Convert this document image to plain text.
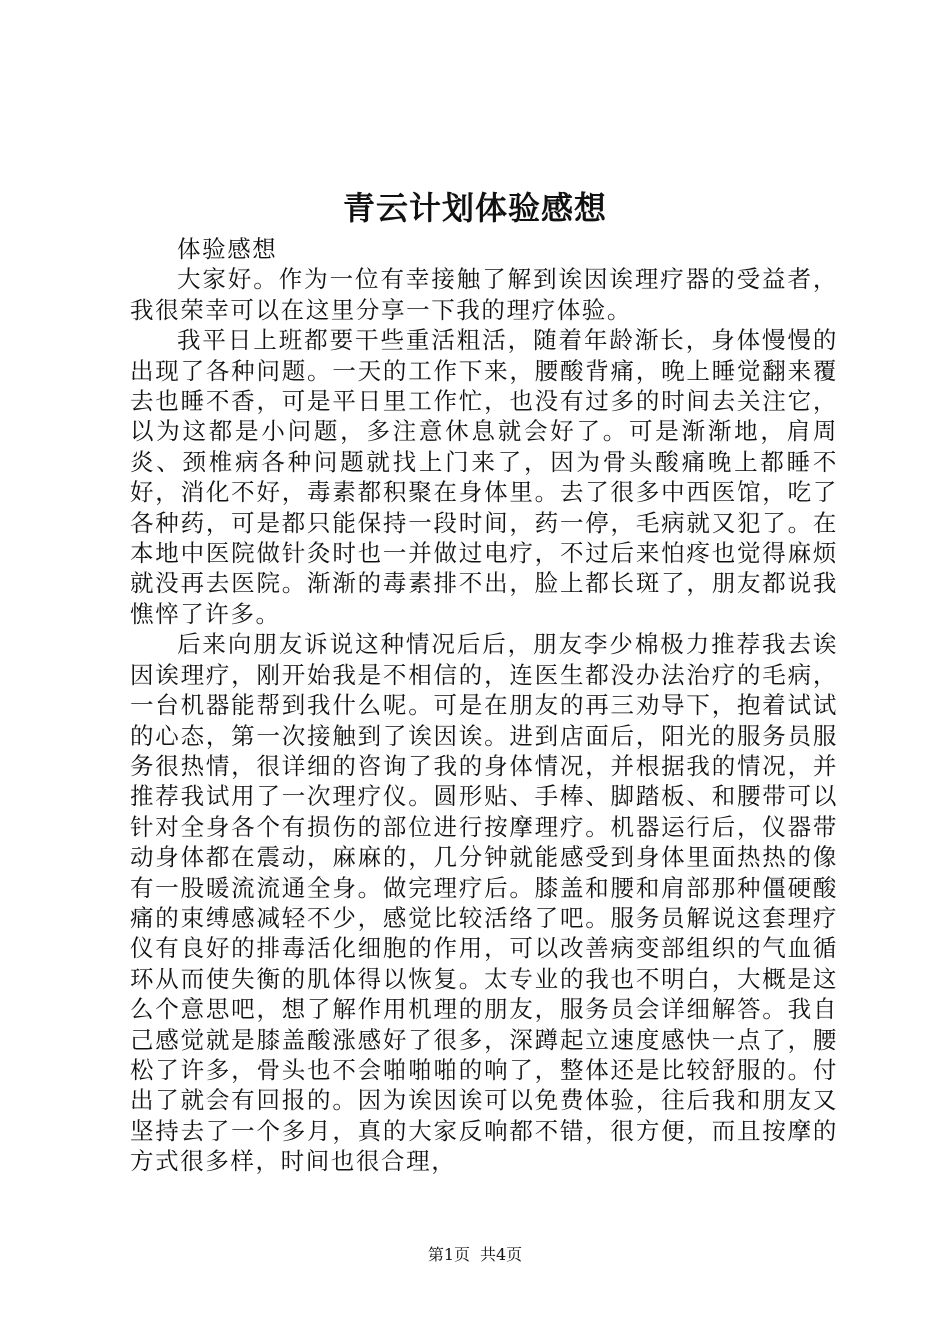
青云计划体验感想

体验感想

大家好。作为一位有幸接触了解到诶因诶理疗器的受益者，我很荣幸可以在这里分享一下我的理疗体验。

我平日上班都要干些重活粗活，随着年龄渐长，身体慢慢的出现了各种问题。一天的工作下来，腰酸背痛，晚上睡觉翻来覆去也睡不香，可是平日里工作忙，也没有过多的时间去关注它，以为这都是小问题，多注意休息就会好了。可是渐渐地，肩周炎、颈椎病各种问题就找上门来了，因为骨头酸痛晚上都睡不好，消化不好，毒素都积聚在身体里。去了很多中西医馆，吃了各种药，可是都只能保持一段时间，药一停，毛病就又犯了。在本地中医院做针灸时也一并做过电疗，不过后来怕疼也觉得麻烦就没再去医院。渐渐的毒素排不出，脸上都长斑了，朋友都说我憔悴了许多。

后来向朋友诉说这种情况后后，朋友李少棉极力推荐我去诶因诶理疗，刚开始我是不相信的，连医生都没办法治疗的毛病，一台机器能帮到我什么呢。可是在朋友的再三劝导下，抱着试试的心态，第一次接触到了诶因诶。进到店面后，阳光的服务员服务很热情，很详细的咨询了我的身体情况，并根据我的情况，并推荐我试用了一次理疗仪。圆形贴、手棒、脚踏板、和腰带可以针对全身各个有损伤的部位进行按摩理疗。机器运行后，仪器带动身体都在震动，麻麻的，几分钟就能感受到身体里面热热的像有一股暖流流通全身。做完理疗后。膝盖和腰和肩部那种僵硬酸痛的束缚感减轻不少，感觉比较活络了吧。服务员解说这套理疗仪有良好的排毒活化细胞的作用，可以改善病变部组织的气血循环从而使失衡的肌体得以恢复。太专业的我也不明白，大概是这么个意思吧，想了解作用机理的朋友，服务员会详细解答。我自己感觉就是膝盖酸涨感好了很多，深蹲起立速度感快一点了，腰松了许多，骨头也不会啪啪啪的响了，整体还是比较舒服的。付出了就会有回报的。因为诶因诶可以免费体验，往后我和朋友又坚持去了一个多月，真的大家反响都不错，很方便，而且按摩的方式很多样，时间也很合理，

第1页 共4页
